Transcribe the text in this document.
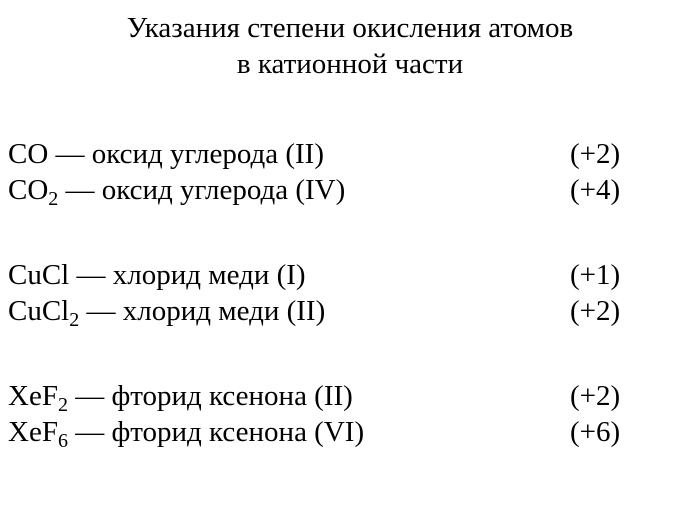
Указания степени окисления атомов
в катионной части
CO — оксид углерода (II)	(+2)
$CO_2$ — оксид углерода (IV)	(+4)
CuCl — хлорид меди (I)	(+1)
CuCl$_2$ — хлорид меди (II)	(+2)
XeF$_2$ — фторид ксенона (II)	(+2)
XeF$_6$ — фторид ксенона (VI)	(+6)
